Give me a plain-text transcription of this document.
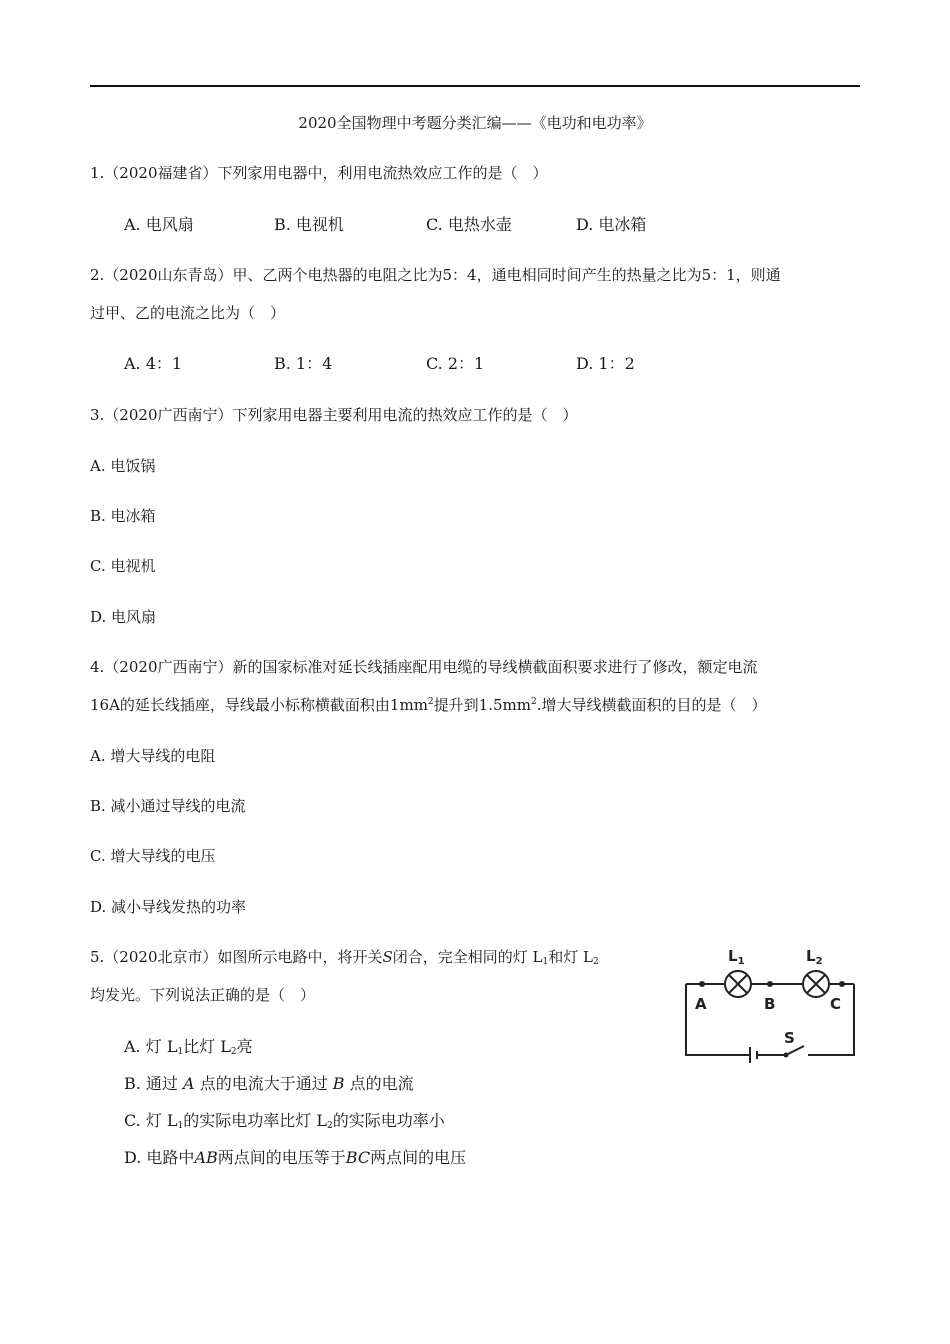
2020全国物理中考题分类汇编——《电功和电功率》
1.（2020福建省）下列家用电器中，利用电流热效应工作的是（　）
A. 电风扇	B. 电视机	C. 电热水壶	D. 电冰箱
2.（2020山东青岛）甲、乙两个电热器的电阻之比为5：4，通电相同时间产生的热量之比为5：1，则通
过甲、乙的电流之比为（　）
A. 4：1	B. 1：4	C. 2：1	D. 1：2
3.（2020广西南宁）下列家用电器主要利用电流的热效应工作的是（　）
A. 电饭锅
B. 电冰箱
C. 电视机
D. 电风扇
4.（2020广西南宁）新的国家标准对延长线插座配用电缆的导线横截面积要求进行了修改，额定电流
16A的延长线插座，导线最小标称横截面积由$1mm^2$提升到$1.5mm^2$.增大导线横截面积的目的是（　）
A. 增大导线的电阻
B. 减小通过导线的电流
C. 增大导线的电压
D. 减小导线发热的功率
5.（2020北京市）如图所示电路中，将开关S闭合，完全相同的灯 $L_1$和灯 $L_2$
均发光。下列说法正确的是（　）
A. 灯 $L_1$比灯 $L_2$亮
B. 通过 A 点的电流大于通过 B 点的电流
C. 灯 $L_1$的实际电功率比灯 $L_2$的实际电功率小
D. 电路中AB两点间的电压等于BC两点间的电压
$L_1$	$L_2$
A	B	C
S
